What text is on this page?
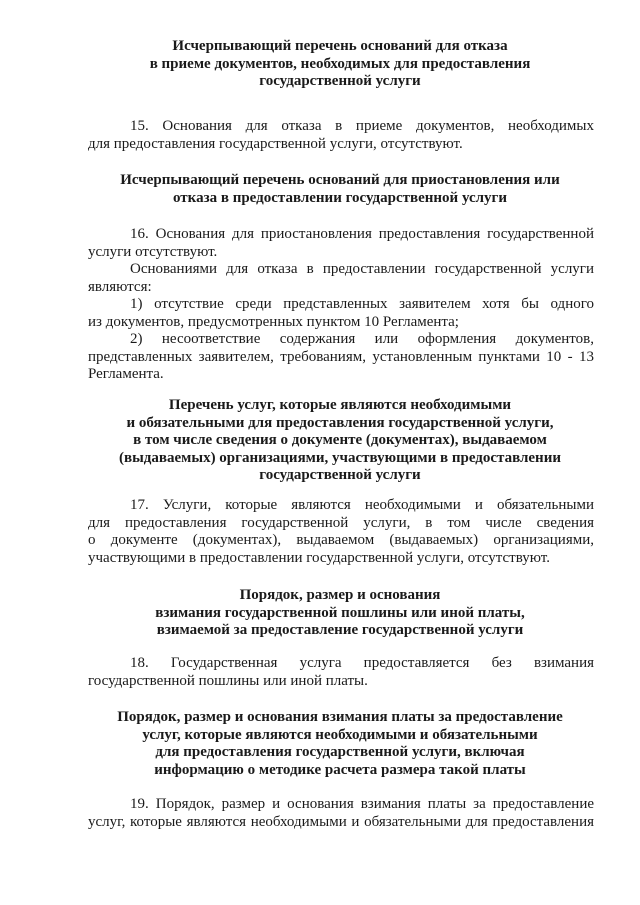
Исчерпывающий перечень оснований для отказа
в приеме документов, необходимых для предоставления
государственной услуги
15. Основания для отказа в приеме документов, необходимых
для предоставления государственной услуги, отсутствуют.
Исчерпывающий перечень оснований для приостановления или
отказа в предоставлении государственной услуги
16. Основания для приостановления предоставления государственной
услуги отсутствуют.
Основаниями для отказа в предоставлении государственной услуги
являются:
1) отсутствие среди представленных заявителем хотя бы одного
из документов, предусмотренных пунктом 10 Регламента;
2) несоответствие содержания или оформления документов,
представленных заявителем, требованиям, установленным пунктами 10 - 13
Регламента.
Перечень услуг, которые являются необходимыми
и обязательными для предоставления государственной услуги,
в том числе сведения о документе (документах), выдаваемом
(выдаваемых) организациями, участвующими в предоставлении
государственной услуги
17. Услуги, которые являются необходимыми и обязательными
для предоставления государственной услуги, в том числе сведения
о документе (документах), выдаваемом (выдаваемых) организациями,
участвующими в предоставлении государственной услуги, отсутствуют.
Порядок, размер и основания
взимания государственной пошлины или иной платы,
взимаемой за предоставление государственной услуги
18. Государственная услуга предоставляется без взимания
государственной пошлины или иной платы.
Порядок, размер и основания взимания платы за предоставление
услуг, которые являются необходимыми и обязательными
для предоставления государственной услуги, включая
информацию о методике расчета размера такой платы
19. Порядок, размер и основания взимания платы за предоставление
услуг, которые являются необходимыми и обязательными для предоставления
